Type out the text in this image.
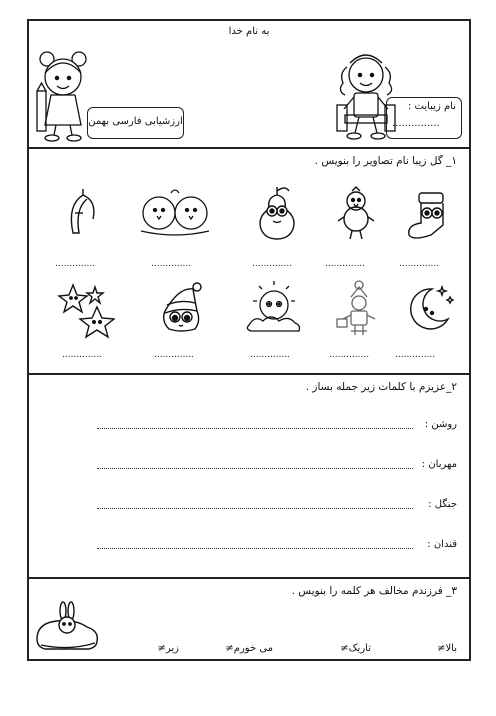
به نام خدا
نام زیبایت :
...............
ارزشیابی فارسی بهمن
۱_ گل زیبا نام تصاویر را بنویس .
..............
..............
..............
..............
..............
..............
..............
..............
..............
..............
۲_عزیزم با کلمات زیر جمله بساز .
روشن :
مهربان :
جنگل :
قندان :
۳_ فرزندم مخالف هر کلمه را بنویس .
بالا≠
تاریک≠
می خورم≠
زیر≠
